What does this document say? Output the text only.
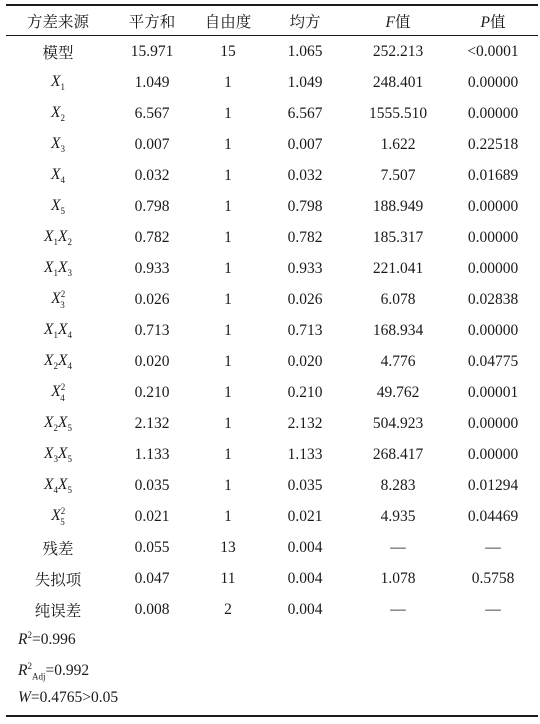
方差来源	平方和	自由度	均方	F值	P值
模型	15.971	15	1.065	252.213	<0.0001
$X_1$	1.049	1	1.049	248.401	0.00000
$X_2$	6.567	1	6.567	1555.510	0.00000
$X_3$	0.007	1	0.007	1.622	0.22518
$X_4$	0.032	1	0.032	7.507	0.01689
$X_5$	0.798	1	0.798	188.949	0.00000
$X_1X_2$	0.782	1	0.782	185.317	0.00000
$X_1X_3$	0.933	1	0.933	221.041	0.00000
$X^2_3$	0.026	1	0.026	6.078	0.02838
$X_1X_4$	0.713	1	0.713	168.934	0.00000
$X_2X_4$	0.020	1	0.020	4.776	0.04775
$X^2_4$	0.210	1	0.210	49.762	0.00001
$X_2X_5$	2.132	1	2.132	504.923	0.00000
$X_3X_5$	1.133	1	1.133	268.417	0.00000
$X_4X_5$	0.035	1	0.035	8.283	0.01294
$X^2_5$	0.021	1	0.021	4.935	0.04469
残差	0.055	13	0.004	—	—
失拟项	0.047	11	0.004	1.078	0.5758
纯误差	0.008	2	0.004	—	—
$R^2=0.996$
$R^2_{Adj}=0.992$
W=0.4765>0.05
